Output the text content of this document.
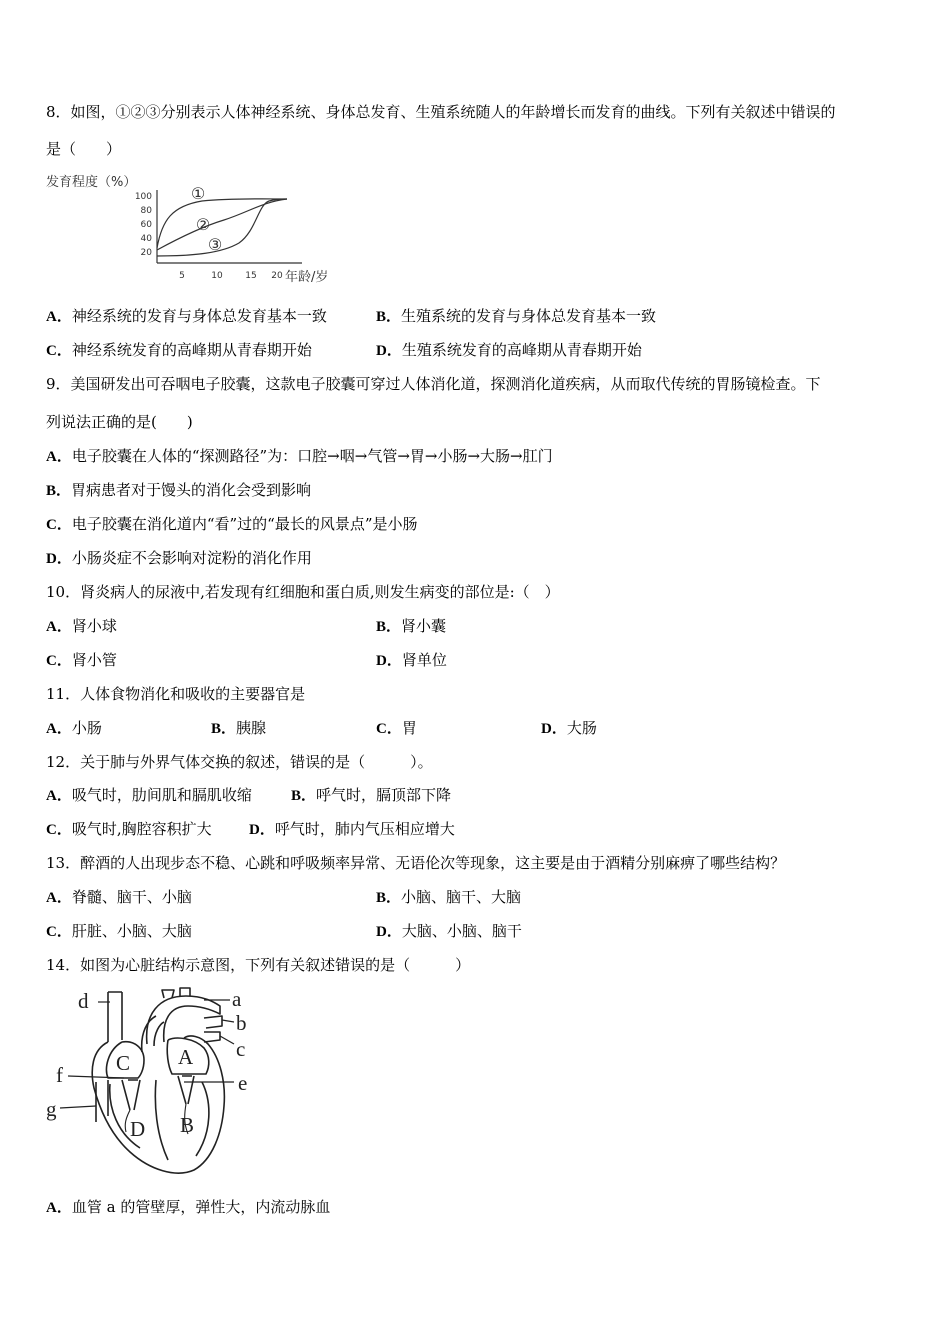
8．如图，①②③分别表示人体神经系统、身体总发育、生殖系统随人的年龄增长而发育的曲线。下列有关叙述中错误的
是（　　）
发育程度（%）
100
80
60
40
20
5	10	15 20 年龄/岁
①
②
③
A．神经系统的发育与身体总发育基本一致	B．生殖系统的发育与身体总发育基本一致
C．神经系统发育的高峰期从青春期开始	D．生殖系统发育的高峰期从青春期开始
9．美国研发出可吞咽电子胶囊，这款电子胶囊可穿过人体消化道，探测消化道疾病，从而取代传统的胃肠镜检查。下
列说法正确的是(　　)
A．电子胶囊在人体的“探测路径”为：口腔→咽→气管→胃→小肠→大肠→肛门
B．胃病患者对于馒头的消化会受到影响
C．电子胶囊在消化道内“看”过的“最长的风景点”是小肠
D．小肠炎症不会影响对淀粉的消化作用
10．肾炎病人的尿液中,若发现有红细胞和蛋白质,则发生病变的部位是:（　）
A．肾小球	B．肾小囊
C．肾小管	D．肾单位
11．人体食物消化和吸收的主要器官是
A．小肠	B．胰腺	C．胃	D．大肠
12．关于肺与外界气体交换的叙述，错误的是（　　　）。
A．吸气时，肋间肌和膈肌收缩	B．呼气时，膈顶部下降
C．吸气时,胸腔容积扩大 D．呼气时，肺内气压相应增大
13．醉酒的人出现步态不稳、心跳和呼吸频率异常、无语伦次等现象，这主要是由于酒精分别麻痹了哪些结构？
A．脊髓、脑干、小脑	B．小脑、脑干、大脑
C．肝脏、小脑、大脑	D．大脑、小脑、脑干
14．如图为心脏结构示意图，下列有关叙述错误的是（　　　）
a
b
c
d
e
f
g
A
B
C
D
A．血管 a 的管壁厚，弹性大，内流动脉血
